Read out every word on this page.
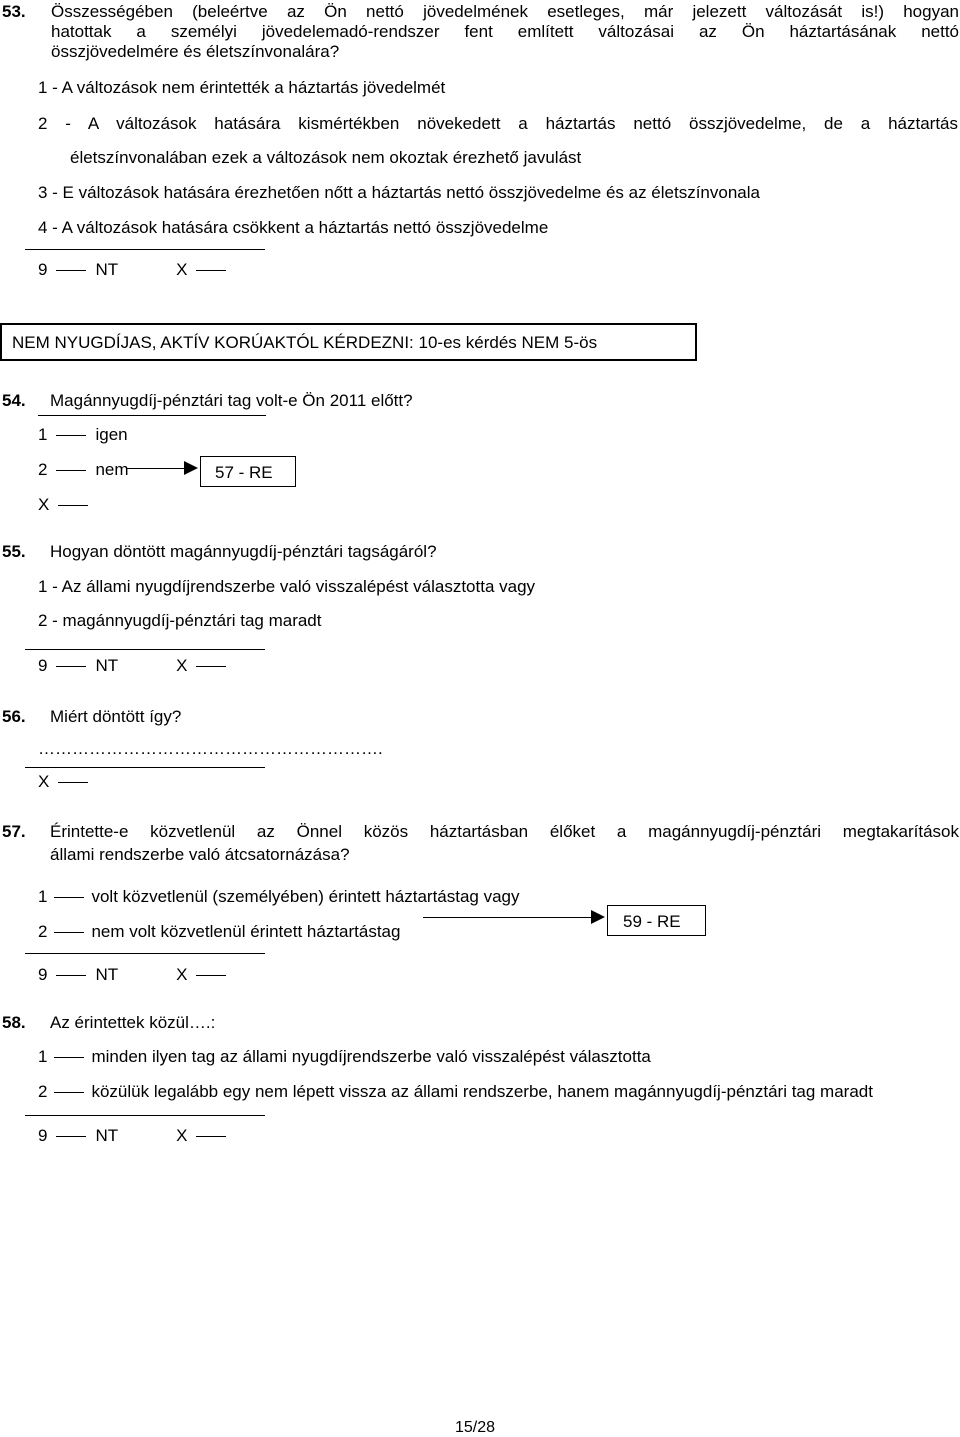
53. Összességében (beleértve az Ön nettó jövedelmének esetleges, már jelezett változását is!) hogyan
hatottak a személyi jövedelemadó-rendszer fent említett változásai az Ön háztartásának nettó
összjövedelmére és életszínvonalára?
1 - A változások nem érintették a háztartás jövedelmét
2 - A változások hatására kismértékben növekedett a háztartás nettó összjövedelme, de a háztartás
életszínvonalában ezek a változások nem okoztak érezhető javulást
3 - E változások hatására érezhetően nőtt a háztartás nettó összjövedelme és az életszínvonala
4 - A változások hatására csökkent a háztartás nettó összjövedelme
9	NT	X
NEM NYUGDÍJAS, AKTÍV KORÚAKTÓL KÉRDEZNI: 10-es kérdés NEM 5-ös
54. Magánnyugdíj-pénztári tag volt-e Ön 2011 előtt?
1	igen
2	nem	57 - RE
X
55. Hogyan döntött magánnyugdíj-pénztári tagságáról?
1 - Az állami nyugdíjrendszerbe való visszalépést választotta vagy
2 - magánnyugdíj-pénztári tag maradt
9	NT	X
56. Miért döntött így?
…………………………………………………….
X
57. Érintette-e közvetlenül az Önnel közös háztartásban élőket a magánnyugdíj-pénztári megtakarítások
állami rendszerbe való átcsatornázása?
1	volt közvetlenül (személyében) érintett háztartástag vagy
2	nem volt közvetlenül érintett háztartástag
59 - RE
9	NT	X
58. Az érintettek közül….:
1	minden ilyen tag az állami nyugdíjrendszerbe való visszalépést választotta
2	közülük legalább egy nem lépett vissza az állami rendszerbe, hanem magánnyugdíj-pénztári tag maradt
9	NT	X
15/28
